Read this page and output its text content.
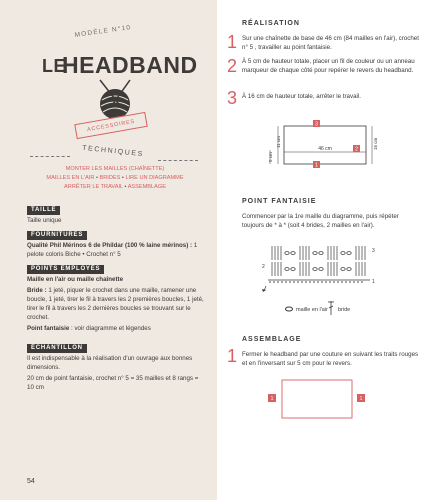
MODÈLE N°10
LE
HEADBAND
ACCESSOIRES
TECHNIQUES
MONTER LES MAILLES (CHAÎNETTE)
MAILLES EN L'AIR • BRIDES • LIRE UN DIAGRAMME
ARRÊTER LE TRAVAIL • ASSEMBLAGE
TAILLE
Taille unique
FOURNITURES
Qualité Phil Mérinos 6 de Phildar (100 % laine mérinos) : 1 pelote coloris Biche • Crochet n° 5
POINTS EMPLOYÉS
Maille en l'air ou maille chaînette
Bride : 1 jeté, piquer le crochet dans une maille, ramener une boucle, 1 jeté, tirer le fil à travers les 2 premières boucles, 1 jeté, tirer le fil à travers les 2 dernières boucles se trouvant sur le crochet.
Point fantaisie : voir diagramme et légendes
ÉCHANTILLON
Il est indispensable à la réalisation d'un ouvrage aux bonnes dimensions.
20 cm de point fantaisie, crochet n° 5 = 35 mailles et 8 rangs = 10 cm
54
RÉALISATION
1 Sur une chaînette de base de 46 cm (84 mailles en l'air), crochet n° 5 , travailler au point fantaisie.
2 À 5 cm de hauteur totale, placer un fil de couleur ou un anneau marqueur de chaque côté pour repérer le revers du headband.
3 À 16 cm de hauteur totale, arrêter le travail.
3
2
1
46 cm
5 cm
11 cm	16 cm
POINT FANTAISIE
Commencer par la 1re maille du diagramme, puis répéter toujours de * à * (soit 4 brides, 2 mailles en l'air).
3
2
1
maille en l'air bride
ASSEMBLAGE
1 Fermer le headband par une couture en suivant les traits rouges et en l'inversant sur 5 cm pour le revers.
1	1
